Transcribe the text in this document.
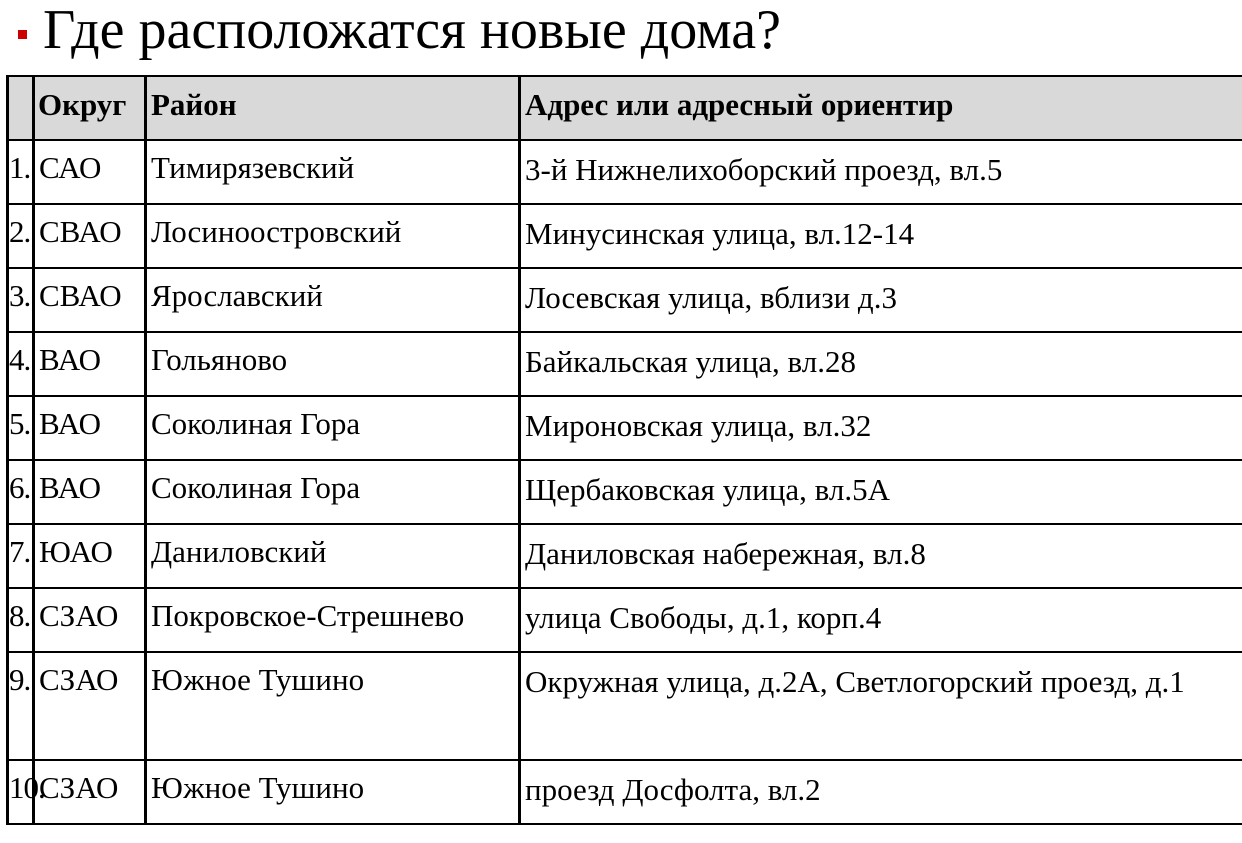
Где расположатся новые дома?
	Округ	Район	Адрес или адресный ориентир
1.	САО	Тимирязевский	3-й Нижнелихоборский проезд, вл.5
2.	СВАО	Лосиноостровский	Минусинская улица, вл.12-14
3.	СВАО	Ярославский	Лосевская улица, вблизи д.3
4.	ВАО	Гольяново	Байкальская улица, вл.28
5.	ВАО	Соколиная Гора	Мироновская улица, вл.32
6.	ВАО	Соколиная Гора	Щербаковская улица, вл.5А
7.	ЮАО	Даниловский	Даниловская набережная, вл.8
8.	СЗАО	Покровское-Стрешнево	улица Свободы, д.1, корп.4
9.	СЗАО	Южное Тушино	Окружная улица, д.2А, Светлогорский проезд, д.1
10.	СЗАО	Южное Тушино	проезд Досфолта, вл.2
